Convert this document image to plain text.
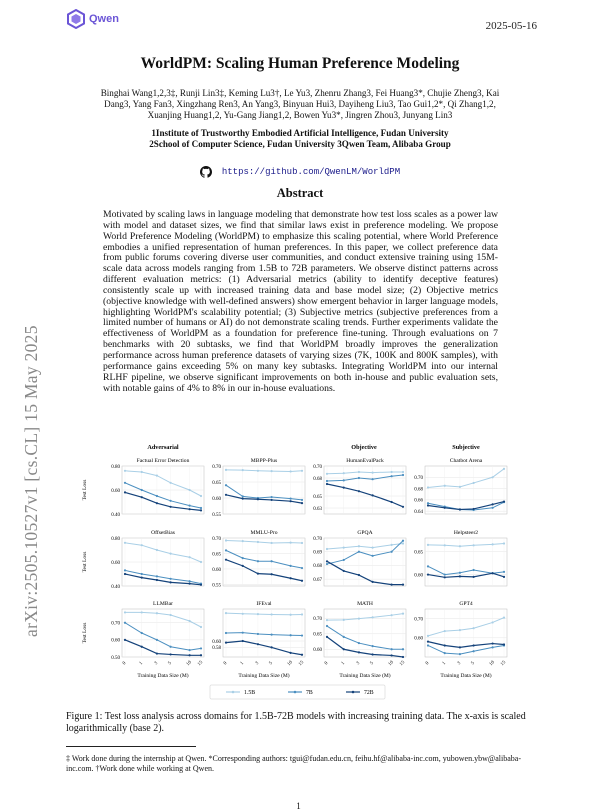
Qwen
2025-05-16
arXiv:2505.10527v1 [cs.CL] 15 May 2025
WorldPM: Scaling Human Preference Modeling
Binghai Wang1,2,3‡, Runji Lin3‡, Keming Lu3†, Le Yu3, Zhenru Zhang3, Fei Huang3*, Chujie Zheng3, Kai Dang3, Yang Fan3, Xingzhang Ren3, An Yang3, Binyuan Hui3, Dayiheng Liu3, Tao Gui1,2*, Qi Zhang1,2, Xuanjing Huang1,2, Yu-Gang Jiang1,2, Bowen Yu3*, Jingren Zhou3, Junyang Lin3
1Institute of Trustworthy Embodied Artificial Intelligence, Fudan University
2School of Computer Science, Fudan University 3Qwen Team, Alibaba Group
https://github.com/QwenLM/WorldPM
Abstract
Motivated by scaling laws in language modeling that demonstrate how test loss scales as a power law with model and dataset sizes, we find that similar laws exist in preference modeling. We propose World Preference Modeling (WorldPM) to emphasize this scaling potential, where World Preference embodies a unified representation of human preferences. In this paper, we collect preference data from public forums covering diverse user communities, and conduct extensive training using 15M-scale data across models ranging from 1.5B to 72B parameters. We observe distinct patterns across different evaluation metrics: (1) Adversarial metrics (ability to identify deceptive features) consistently scale up with increased training data and base model size; (2) Objective metrics (objective knowledge with well-defined answers) show emergent behavior in larger language models, highlighting WorldPM's scalability potential; (3) Subjective metrics (subjective preferences from a limited number of humans or AI) do not demonstrate scaling trends. Further experiments validate the effectiveness of WorldPM as a foundation for preference fine-tuning. Through evaluations on 7 benchmarks with 20 subtasks, we find that WorldPM broadly improves the generalization performance across human preference datasets of varying sizes (7K, 100K and 800K samples), with performance gains exceeding 5% on many key subtasks. Integrating WorldPM into our internal RLHF pipeline, we observe significant improvements on both in-house and public evaluation sets, with notable gains of 4% to 8% in our in-house evaluations.
Adversarial	Objective	Subjective
Factual Error Detection
0.40
0.60
0.80
Test Loss
MBPP-Plus
0.55
0.60
0.65
0.70
HumanEvalPack
0.63
0.65
0.68
0.70
Chatbot Arena
0.64
0.66
0.68
0.70
OffsetBias
0.40
0.60
0.80
Test Loss
MMLU-Pro
0.55
0.60
0.65
0.70
GPQA
0.67
0.68
0.69
0.70
Helpsteer2
0.60
0.65
LLMBar
0.50
0.60
0.70
Test Loss
0 1 3 5	10 15
Training Data Size (M)
IFEval
0.58
0.60
0 1 3 5	10 15
Training Data Size (M)
MATH
0.60
0.65
0.70
0 1 3 5	10 15
Training Data Size (M)
GPT4
0.60
0.70
0 1 3 5	10 15
Training Data Size (M)
1.5B	7B	72B
Figure 1: Test loss analysis across domains for 1.5B-72B models with increasing training data. The x-axis is scaled logarithmically (base 2).
‡ Work done during the internship at Qwen. *Corresponding authors: tgui@fudan.edu.cn, feihu.hf@alibaba-inc.com, yubowen.ybw@alibaba-inc.com. †Work done while working at Qwen.
1
